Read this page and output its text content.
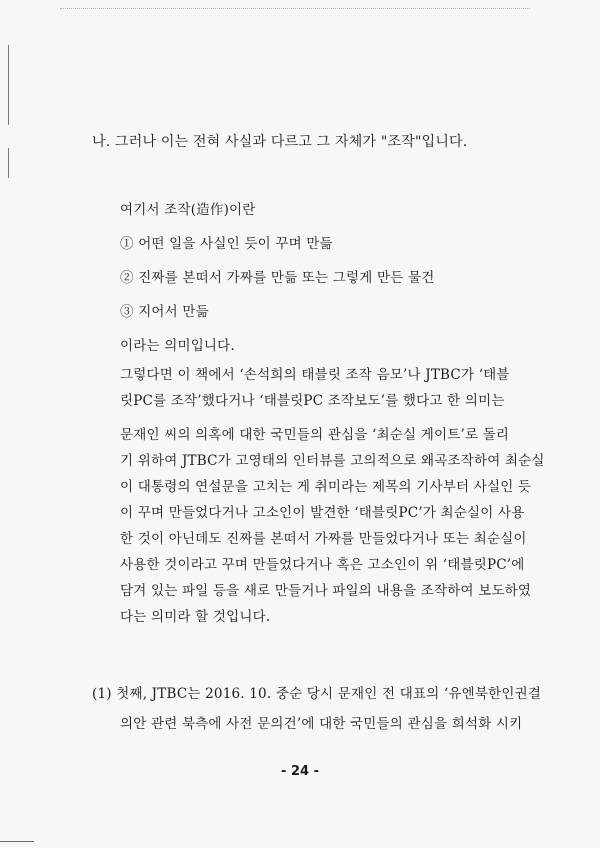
나. 그러나 이는 전혀 사실과 다르고 그 자체가 "조작"입니다.
여기서 조작(造作)이란
① 어떤 일을 사실인 듯이 꾸며 만듦
② 진짜를 본떠서 가짜를 만듦 또는 그렇게 만든 물건
③ 지어서 만듦
이라는 의미입니다.
그렇다면 이 책에서 ‘손석희의 태블릿 조작 음모’나 JTBC가 ‘태블
릿PC를 조작’했다거나 ‘태블릿PC 조작보도’를 했다고 한 의미는
문재인 씨의 의혹에 대한 국민들의 관심을 ‘최순실 게이트’로 돌리
기 위하여 JTBC가 고영태의 인터뷰를 고의적으로 왜곡조작하여 최순실
이 대통령의 연설문을 고치는 게 취미라는 제목의 기사부터 사실인 듯
이 꾸며 만들었다거나 고소인이 발견한 ‘태블릿PC’가 최순실이 사용
한 것이 아닌데도 진짜를 본떠서 가짜를 만들었다거나 또는 최순실이
사용한 것이라고 꾸며 만들었다거나 혹은 고소인이 위 ‘태블릿PC’에
담겨 있는 파일 등을 새로 만들거나 파일의 내용을 조작하여 보도하였
다는 의미라 할 것입니다.
(1) 첫째, JTBC는 2016. 10. 중순 당시 문재인 전 대표의 ‘유엔북한인권결
의안 관련 북측에 사전 문의건’에 대한 국민들의 관심을 희석화 시키
- 24 -
